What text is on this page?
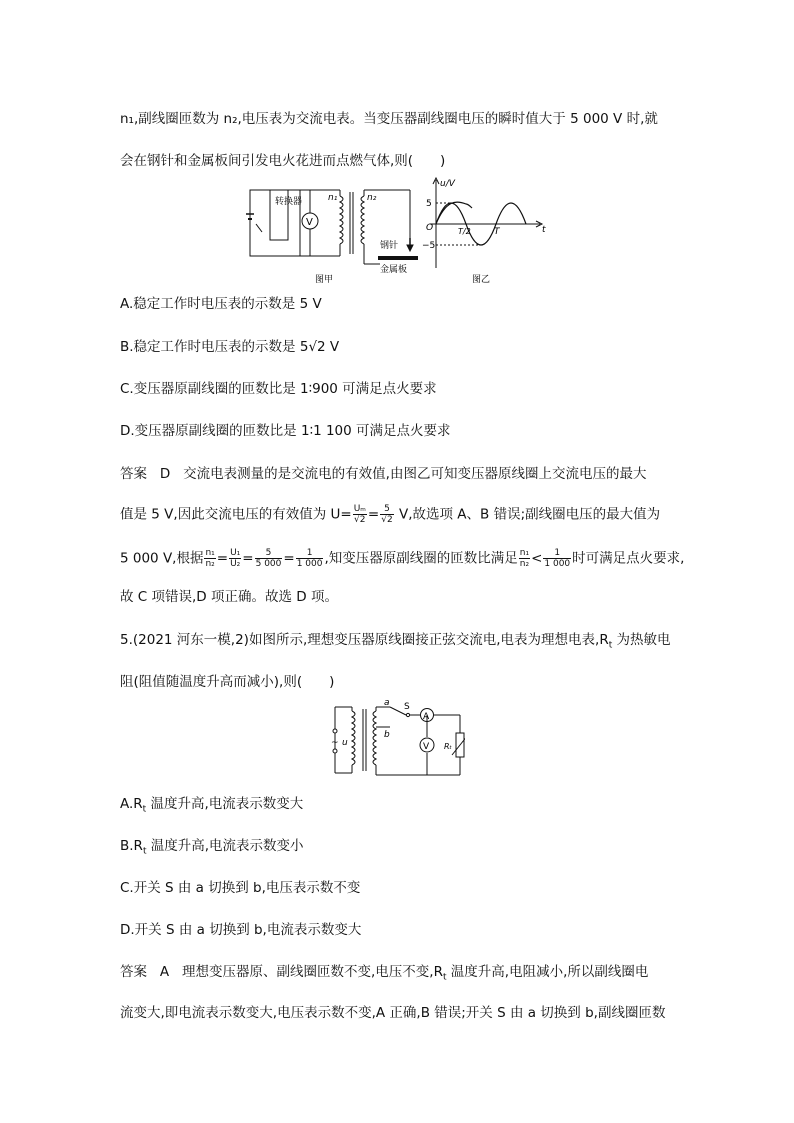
n₁,副线圈匝数为 n₂,电压表为交流电表。当变压器副线圈电压的瞬时值大于 5 000 V 时,就
会在钢针和金属板间引发电火花进而点燃气体,则(　　)
转换器
V
n₁	n₂
钢针
金属板
图甲
u/V
t
5
−5
O	T/2	T
图乙
A.稳定工作时电压表的示数是 5 V
B.稳定工作时电压表的示数是 5√2 V
C.变压器原副线圈的匝数比是 1∶900 可满足点火要求
D.变压器原副线圈的匝数比是 1∶1 100 可满足点火要求
答案 D 交流电表测量的是交流电的有效值,由图乙可知变压器原线圈上交流电压的最大
值是 5 V,因此交流电压的有效值为 $U= \frac{\text{Uₘ}}{√2} = \frac{5}{√2} V$,故选项 A、B 错误;副线圈电压的最大值为
5 000 V,根据 $\frac{\text{n₁}}{\text{n₂}} = \frac{\text{U₁}}{\text{U₂}} = \frac{5}{5 000} = \frac{1}{1 000}$ ,知变压器原副线圈的匝数比满足 $\frac{\text{n₁}}{\text{n₂}} < \frac{1}{1 000}$ 时可满足点火要求,
故 C 项错误,D 项正确。故选 D 项。
5.(2021 河东一模,2)如图所示,理想变压器原线圈接正弦交流电,电表为理想电表$,R_t$ 为热敏电
阻(阻值随温度升高而减小),则(　　)
~ u
a
b
S
A
V Rₜ
$A.R_t$ 温度升高,电流表示数变大
$B.R_t$ 温度升高,电流表示数变小
C.开关 S 由 a 切换到 b,电压表示数不变
D.开关 S 由 a 切换到 b,电流表示数变大
答案 A 理想变压器原、副线圈匝数不变,电压不变$,R_t$ 温度升高,电阻减小,所以副线圈电
流变大,即电流表示数变大,电压表示数不变,A 正确,B 错误;开关 S 由 a 切换到 b,副线圈匝数
